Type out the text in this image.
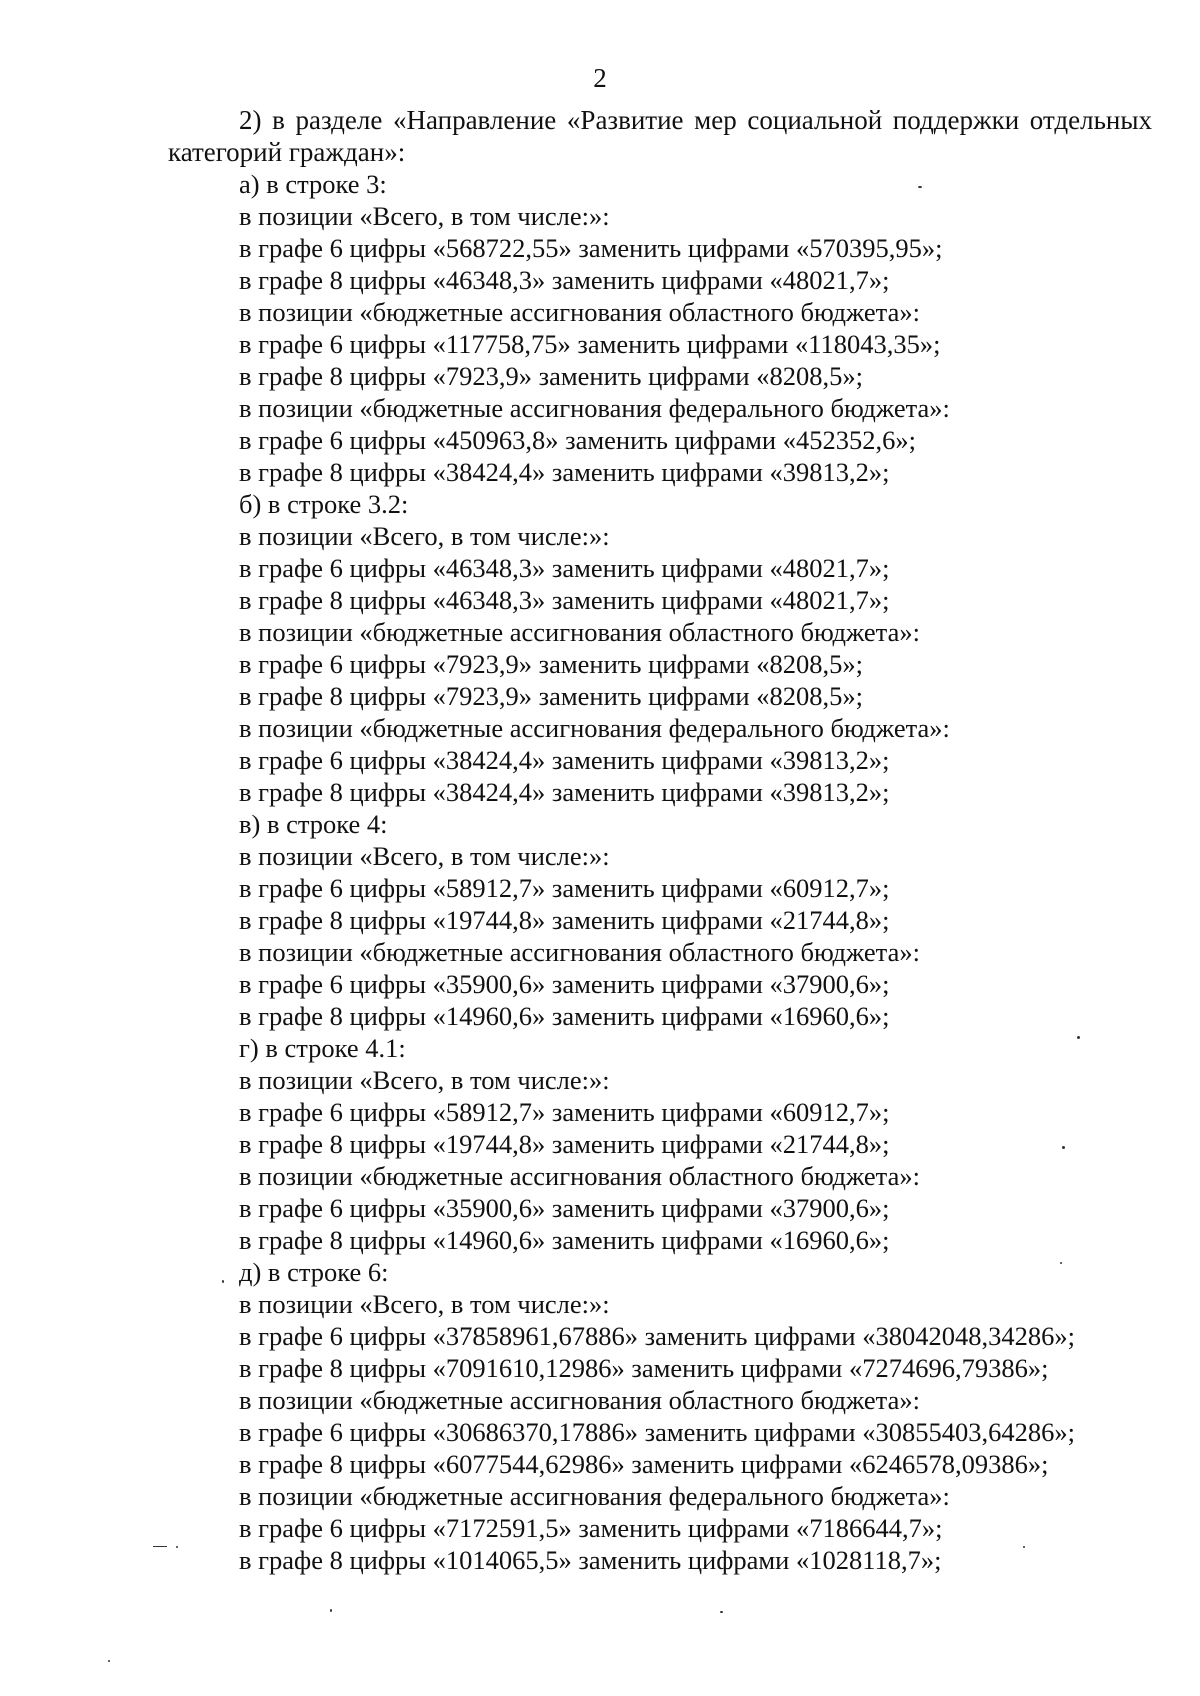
2

2) в разделе «Направление «Развитие мер социальной поддержки отдельных категорий граждан»:

а) в строке 3:
в позиции «Всего, в том числе:»:
в графе 6 цифры «568722,55» заменить цифрами «570395,95»;
в графе 8 цифры «46348,3» заменить цифрами «48021,7»;
в позиции «бюджетные ассигнования областного бюджета»:
в графе 6 цифры «117758,75» заменить цифрами «118043,35»;
в графе 8 цифры «7923,9» заменить цифрами «8208,5»;
в позиции «бюджетные ассигнования федерального бюджета»:
в графе 6 цифры «450963,8» заменить цифрами «452352,6»;
в графе 8 цифры «38424,4» заменить цифрами «39813,2»;
б) в строке 3.2:
в позиции «Всего, в том числе:»:
в графе 6 цифры «46348,3» заменить цифрами «48021,7»;
в графе 8 цифры «46348,3» заменить цифрами «48021,7»;
в позиции «бюджетные ассигнования областного бюджета»:
в графе 6 цифры «7923,9» заменить цифрами «8208,5»;
в графе 8 цифры «7923,9» заменить цифрами «8208,5»;
в позиции «бюджетные ассигнования федерального бюджета»:
в графе 6 цифры «38424,4» заменить цифрами «39813,2»;
в графе 8 цифры «38424,4» заменить цифрами «39813,2»;
в) в строке 4:
в позиции «Всего, в том числе:»:
в графе 6 цифры «58912,7» заменить цифрами «60912,7»;
в графе 8 цифры «19744,8» заменить цифрами «21744,8»;
в позиции «бюджетные ассигнования областного бюджета»:
в графе 6 цифры «35900,6» заменить цифрами «37900,6»;
в графе 8 цифры «14960,6» заменить цифрами «16960,6»;
г) в строке 4.1:
в позиции «Всего, в том числе:»:
в графе 6 цифры «58912,7» заменить цифрами «60912,7»;
в графе 8 цифры «19744,8» заменить цифрами «21744,8»;
в позиции «бюджетные ассигнования областного бюджета»:
в графе 6 цифры «35900,6» заменить цифрами «37900,6»;
в графе 8 цифры «14960,6» заменить цифрами «16960,6»;
д) в строке 6:
в позиции «Всего, в том числе:»:
в графе 6 цифры «37858961,67886» заменить цифрами «38042048,34286»;
в графе 8 цифры «7091610,12986» заменить цифрами «7274696,79386»;
в позиции «бюджетные ассигнования областного бюджета»:
в графе 6 цифры «30686370,17886» заменить цифрами «30855403,64286»;
в графе 8 цифры «6077544,62986» заменить цифрами «6246578,09386»;
в позиции «бюджетные ассигнования федерального бюджета»:
в графе 6 цифры «7172591,5» заменить цифрами «7186644,7»;
в графе 8 цифры «1014065,5» заменить цифрами «1028118,7»;
